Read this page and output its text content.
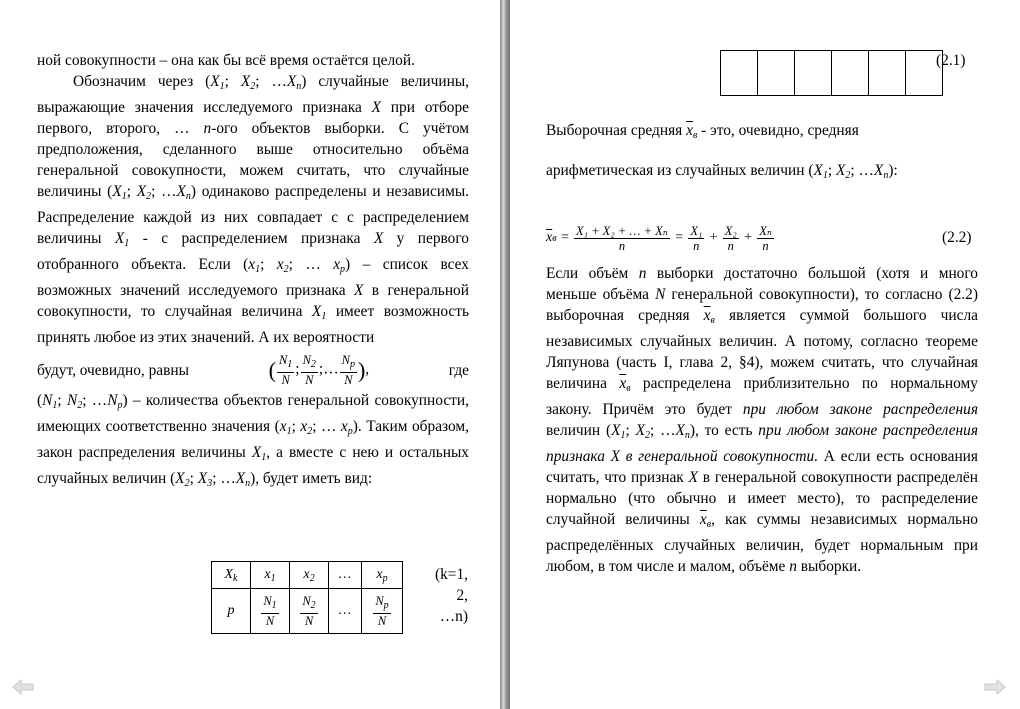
ной совокупности – она как бы всё время остаётся целой.

Обозначим через ($X_1$; $X_2$; $\dots X_n$) случайные величины, выражающие значения исследуемого признака X при отборе первого, второго, … n-ого объектов выборки. С учётом предположения, сделанного выше относительно объёма генеральной совокупности, можем считать, что случайные величины ($X_1$; $X_2$; $\dots X_n$) одинаково распределены и независимы. Распределение каждой из них совпадает с с распределением величины $X_1$ - с распределением признака X у первого отобранного объекта. Если ($x_1$; $x_2$; … $x_p$) – список всех возможных значений исследуемого признака X в генеральной совокупности, то случайная величина $X_1$ имеет возможность принять любое из этих значений. А их вероятности

будут, очевидно, равны	( $\frac{N_1}{N}$ ; $\frac{N_2}{N}$ ;… $\frac{N_p}{N}$ ),	где

($N_1$; $N_2$; $\dots N_p$) – количества объектов генеральной совокупности, имеющих соответственно значения ($x_1$; $x_2$; … $x_p$). Таким образом, закон распределения величины $X_1$, а вместе с нею и остальных случайных величин ($X_2$; $X_3$; $\dots X_n$), будет иметь вид:

$X_k$	$x_1$	$x_2$	…	$x_p$
p	$\frac{N_1}{N}$	$\frac{N_2}{N}$	…	$\frac{N_p}{N}$
(k=1,
2,
…n)

(2.1)

Выборочная средняя $\overline{x}_в$ - это, очевидно, средняя

арифметическая из случайных величин ($X_1$; $X_2$; $\dots X_n$):

$\overline{x}$ $в = \frac{\text{X₁ + X₂ + … + Xₙ}}{n} = \frac{\text{X₁}}{n} + \frac{\text{X₂}}{n} + \frac{\text{Xₙ}}{n}$	(2.2)

Если объём n выборки достаточно большой (хотя и много меньше объёма N генеральной совокупности), то согласно (2.2) выборочная средняя $\overline{x}_в$ является суммой большого числа независимых случайных величин. А потому, согласно теореме Ляпунова (часть I, глава 2, §4), можем считать, что случайная величина $\overline{x}_в$ распределена приблизительно по нормальному закону. Причём это будет при любом законе распределения величин ($X_1$; $X_2$; $\dots X_n$), то есть при любом законе распределения признака X в генеральной совокупности. А если есть основания считать, что признак X в генеральной совокупности распределён нормально (что обычно и имеет место), то распределение случайной величины $\overline{x}_в$, как суммы независимых нормально распределённых случайных величин, будет нормальным при любом, в том числе и малом, объёме n выборки.
